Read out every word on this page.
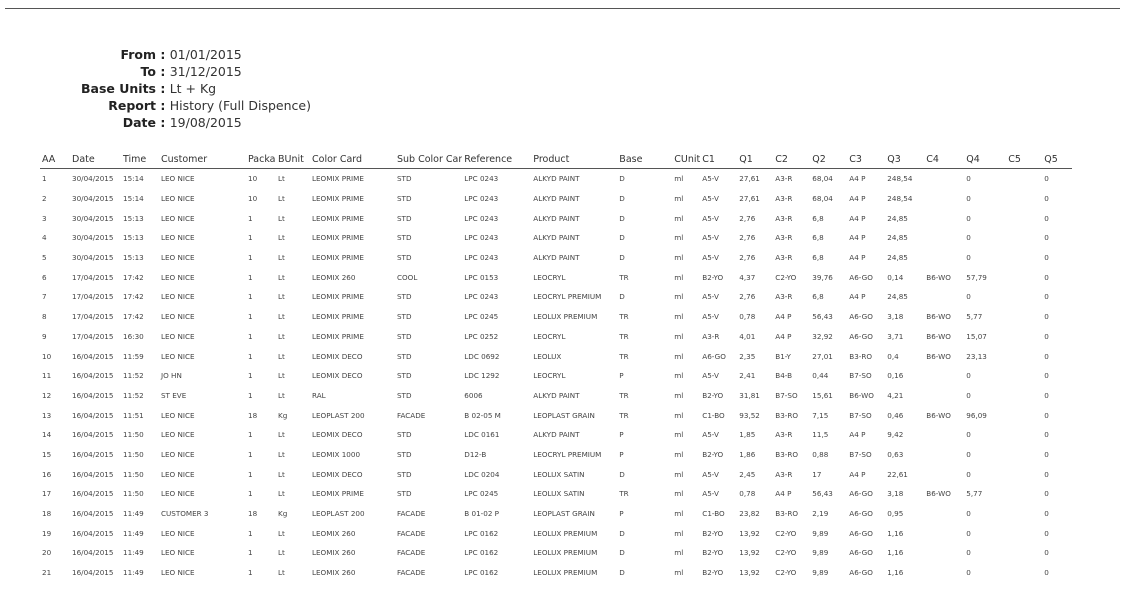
From : 01/01/2015
To : 31/12/2015
Base Units : Lt + Kg
Report : History (Full Dispence)
Date : 19/08/2015
AA	Date	Time	Customer	Packa	BUnit	Color Card	Sub Color Car	Reference	Product	Base	CUnit	C1	Q1	C2	Q2	C3	Q3	C4	Q4	C5	Q5
1	30/04/2015	15:14	LEO NICE	10	Lt	LEOMIX PRIME	STD	LPC 0243	ALKYD PAINT	D	ml	A5-V	27,61	A3-R	68,04	A4 P	248,54		0		0
2	30/04/2015	15:14	LEO NICE	10	Lt	LEOMIX PRIME	STD	LPC 0243	ALKYD PAINT	D	ml	A5-V	27,61	A3-R	68,04	A4 P	248,54		0		0
3	30/04/2015	15:13	LEO NICE	1	Lt	LEOMIX PRIME	STD	LPC 0243	ALKYD PAINT	D	ml	A5-V	2,76	A3-R	6,8	A4 P	24,85		0		0
4	30/04/2015	15:13	LEO NICE	1	Lt	LEOMIX PRIME	STD	LPC 0243	ALKYD PAINT	D	ml	A5-V	2,76	A3-R	6,8	A4 P	24,85		0		0
5	30/04/2015	15:13	LEO NICE	1	Lt	LEOMIX PRIME	STD	LPC 0243	ALKYD PAINT	D	ml	A5-V	2,76	A3-R	6,8	A4 P	24,85		0		0
6	17/04/2015	17:42	LEO NICE	1	Lt	LEOMIX 260	COOL	LPC 0153	LEOCRYL	TR	ml	B2-YO	4,37	C2-YO	39,76	A6-GO	0,14	B6-WO	57,79		0
7	17/04/2015	17:42	LEO NICE	1	Lt	LEOMIX PRIME	STD	LPC 0243	LEOCRYL PREMIUM	D	ml	A5-V	2,76	A3-R	6,8	A4 P	24,85		0		0
8	17/04/2015	17:42	LEO NICE	1	Lt	LEOMIX PRIME	STD	LPC 0245	LEOLUX PREMIUM	TR	ml	A5-V	0,78	A4 P	56,43	A6-GO	3,18	B6-WO	5,77		0
9	17/04/2015	16:30	LEO NICE	1	Lt	LEOMIX PRIME	STD	LPC 0252	LEOCRYL	TR	ml	A3-R	4,01	A4 P	32,92	A6-GO	3,71	B6-WO	15,07		0
10	16/04/2015	11:59	LEO NICE	1	Lt	LEOMIX DECO	STD	LDC 0692	LEOLUX	TR	ml	A6-GO	2,35	B1-Y	27,01	B3-RO	0,4	B6-WO	23,13		0
11	16/04/2015	11:52	JO HN	1	Lt	LEOMIX DECO	STD	LDC 1292	LEOCRYL	P	ml	A5-V	2,41	B4-B	0,44	B7-SO	0,16		0		0
12	16/04/2015	11:52	ST EVE	1	Lt	RAL	STD	6006	ALKYD PAINT	TR	ml	B2-YO	31,81	B7-SO	15,61	B6-WO	4,21		0		0
13	16/04/2015	11:51	LEO NICE	18	Kg	LEOPLAST 200	FACADE	B 02-05 M	LEOPLAST GRAIN	TR	ml	C1-BO	93,52	B3-RO	7,15	B7-SO	0,46	B6-WO	96,09		0
14	16/04/2015	11:50	LEO NICE	1	Lt	LEOMIX DECO	STD	LDC 0161	ALKYD PAINT	P	ml	A5-V	1,85	A3-R	11,5	A4 P	9,42		0		0
15	16/04/2015	11:50	LEO NICE	1	Lt	LEOMIX 1000	STD	D12-B	LEOCRYL PREMIUM	P	ml	B2-YO	1,86	B3-RO	0,88	B7-SO	0,63		0		0
16	16/04/2015	11:50	LEO NICE	1	Lt	LEOMIX DECO	STD	LDC 0204	LEOLUX SATIN	D	ml	A5-V	2,45	A3-R	17	A4 P	22,61		0		0
17	16/04/2015	11:50	LEO NICE	1	Lt	LEOMIX PRIME	STD	LPC 0245	LEOLUX SATIN	TR	ml	A5-V	0,78	A4 P	56,43	A6-GO	3,18	B6-WO	5,77		0
18	16/04/2015	11:49	CUSTOMER 3	18	Kg	LEOPLAST 200	FACADE	B 01-02 P	LEOPLAST GRAIN	P	ml	C1-BO	23,82	B3-RO	2,19	A6-GO	0,95		0		0
19	16/04/2015	11:49	LEO NICE	1	Lt	LEOMIX 260	FACADE	LPC 0162	LEOLUX PREMIUM	D	ml	B2-YO	13,92	C2-YO	9,89	A6-GO	1,16		0		0
20	16/04/2015	11:49	LEO NICE	1	Lt	LEOMIX 260	FACADE	LPC 0162	LEOLUX PREMIUM	D	ml	B2-YO	13,92	C2-YO	9,89	A6-GO	1,16		0		0
21	16/04/2015	11:49	LEO NICE	1	Lt	LEOMIX 260	FACADE	LPC 0162	LEOLUX PREMIUM	D	ml	B2-YO	13,92	C2-YO	9,89	A6-GO	1,16		0		0
